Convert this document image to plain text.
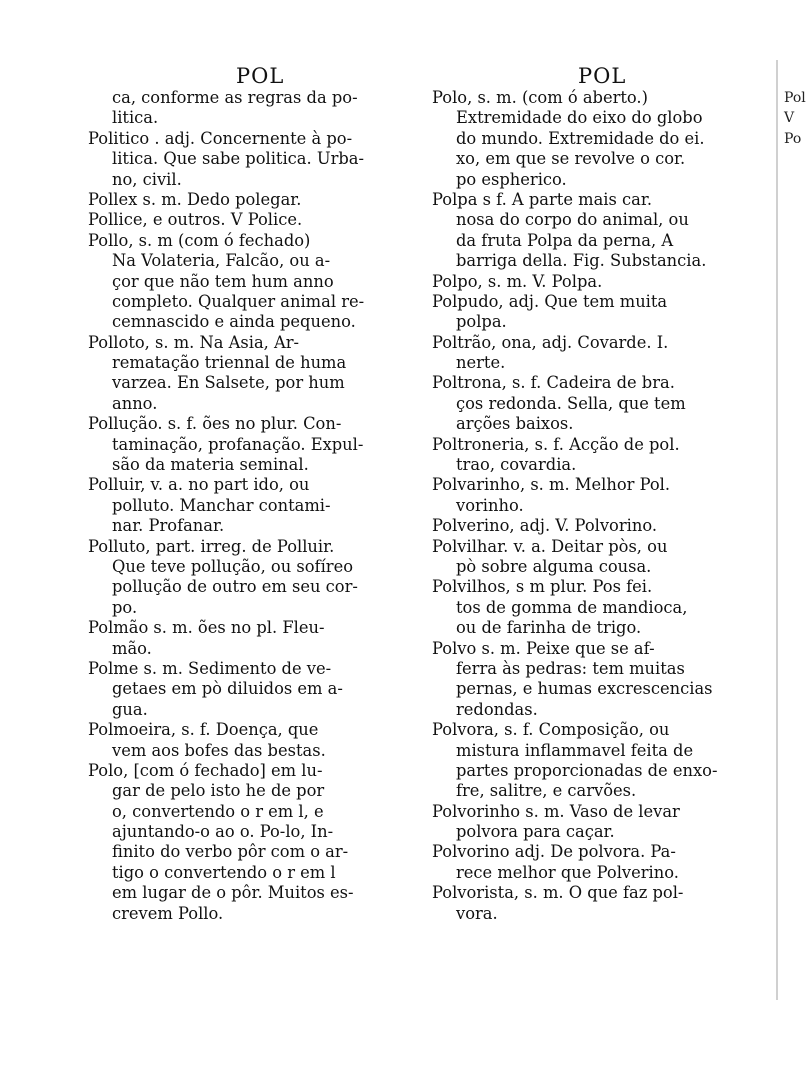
POL	POL
ca, conforme as regras da po-
litica.
Politico . adj. Concernente à po-
litica. Que sabe politica. Urba-
no, civil.
Pollex s. m. Dedo polegar.
Pollice, e outros. V Police.
Pollo, s. m (com ó fechado)
Na Volateria, Falcão, ou a-
çor que não tem hum anno
completo. Qualquer animal re-
cemnascido e ainda pequeno.
Polloto, s. m. Na Asia, Ar-
rematação triennal de huma
varzea. En Salsete, por hum
anno.
Pollução. s. f. ões no plur. Con-
taminação, profanação. Expul-
são da materia seminal.
Polluir, v. a. no part ido, ou
polluto. Manchar contami-
nar. Profanar.
Polluto, part. irreg. de Polluir.
Que teve pollução, ou sofíreo
pollução de outro em seu cor-
po.
Polmão s. m. ões no pl. Fleu-
mão.
Polme s. m. Sedimento de ve-
getaes em pò diluidos em a-
gua.
Polmoeira, s. f. Doença, que
vem aos bofes das bestas.
Polo, [com ó fechado] em lu-
gar de pelo isto he de por
o, convertendo o r em l, e
ajuntando-o ao o. Po-lo, In-
finito do verbo pôr com o ar-
tigo o convertendo o r em l
em lugar de o pôr. Muitos es-
crevem Pollo.
Polo, s. m. (com ó aberto.)
Extremidade do eixo do globo
do mundo. Extremidade do ei.
xo, em que se revolve o cor.
po espherico.
Polpa s f. A parte mais car.
nosa do corpo do animal, ou
da fruta Polpa da perna, A
barriga della. Fig. Substancia.
Polpo, s. m. V. Polpa.
Polpudo, adj. Que tem muita
polpa.
Poltrão, ona, adj. Covarde. I.
nerte.
Poltrona, s. f. Cadeira de bra.
ços redonda. Sella, que tem
arções baixos.
Poltroneria, s. f. Acção de pol.
trao, covardia.
Polvarinho, s. m. Melhor Pol.
vorinho.
Polverino, adj. V. Polvorino.
Polvilhar. v. a. Deitar pòs, ou
pò sobre alguma cousa.
Polvilhos, s m plur. Pos fei.
tos de gomma de mandioca,
ou de farinha de trigo.
Polvo s. m. Peixe que se af-
ferra às pedras: tem muitas
pernas, e humas excrescencias
redondas.
Polvora, s. f. Composição, ou
mistura inflammavel feita de
partes proporcionadas de enxo-
fre, salitre, e carvões.
Polvorinho s. m. Vaso de levar
polvora para caçar.
Polvorino adj. De polvora. Pa-
rece melhor que Polverino.
Polvorista, s. m. O que faz pol-
vora.
Pol
V
Po
